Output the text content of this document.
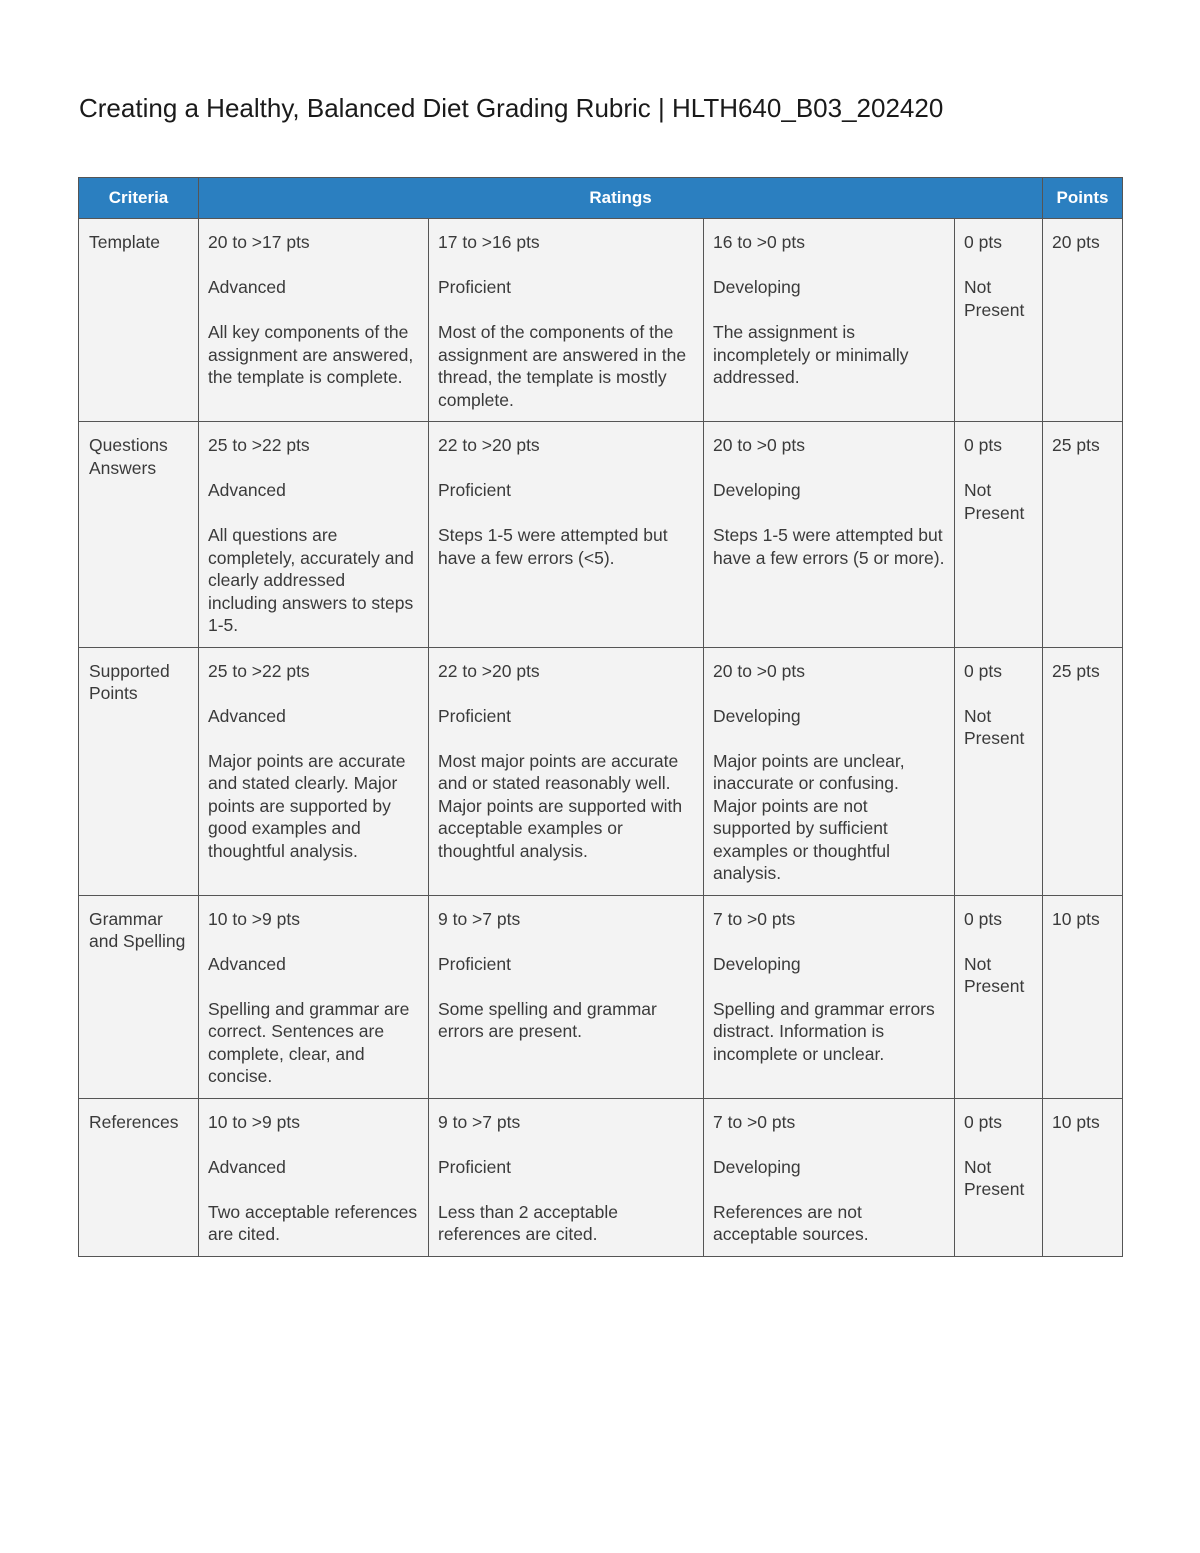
Creating a Healthy, Balanced Diet Grading Rubric | HLTH640_B03_202420
Criteria	Ratings				Points
Template	20 to >17 pts
Advanced
All key components of the assignment are answered, the template is complete.	17 to >16 pts
Proficient
Most of the components of the assignment are answered in the thread, the template is mostly complete.	16 to >0 pts
Developing
The assignment is incompletely or minimally addressed.	0 pts
Not Present	20 pts
Questions Answers	25 to >22 pts
Advanced
All questions are completely, accurately and clearly addressed including answers to steps 1-5.	22 to >20 pts
Proficient
Steps 1-5 were attempted but have a few errors (<5).	20 to >0 pts
Developing
Steps 1-5 were attempted but have a few errors (5 or more).	0 pts
Not Present	25 pts
Supported Points	25 to >22 pts
Advanced
Major points are accurate and stated clearly. Major points are supported by good examples and thoughtful analysis.	22 to >20 pts
Proficient
Most major points are accurate and or stated reasonably well. Major points are supported with acceptable examples or thoughtful analysis.	20 to >0 pts
Developing
Major points are unclear, inaccurate or confusing. Major points are not supported by sufficient examples or thoughtful analysis.	0 pts
Not Present	25 pts
Grammar and Spelling	10 to >9 pts
Advanced
Spelling and grammar are correct. Sentences are complete, clear, and concise.	9 to >7 pts
Proficient
Some spelling and grammar errors are present.	7 to >0 pts
Developing
Spelling and grammar errors distract. Information is incomplete or unclear.	0 pts
Not Present	10 pts
References	10 to >9 pts
Advanced
Two acceptable references are cited.	9 to >7 pts
Proficient
Less than 2 acceptable references are cited.	7 to >0 pts
Developing
References are not acceptable sources.	0 pts
Not Present	10 pts
